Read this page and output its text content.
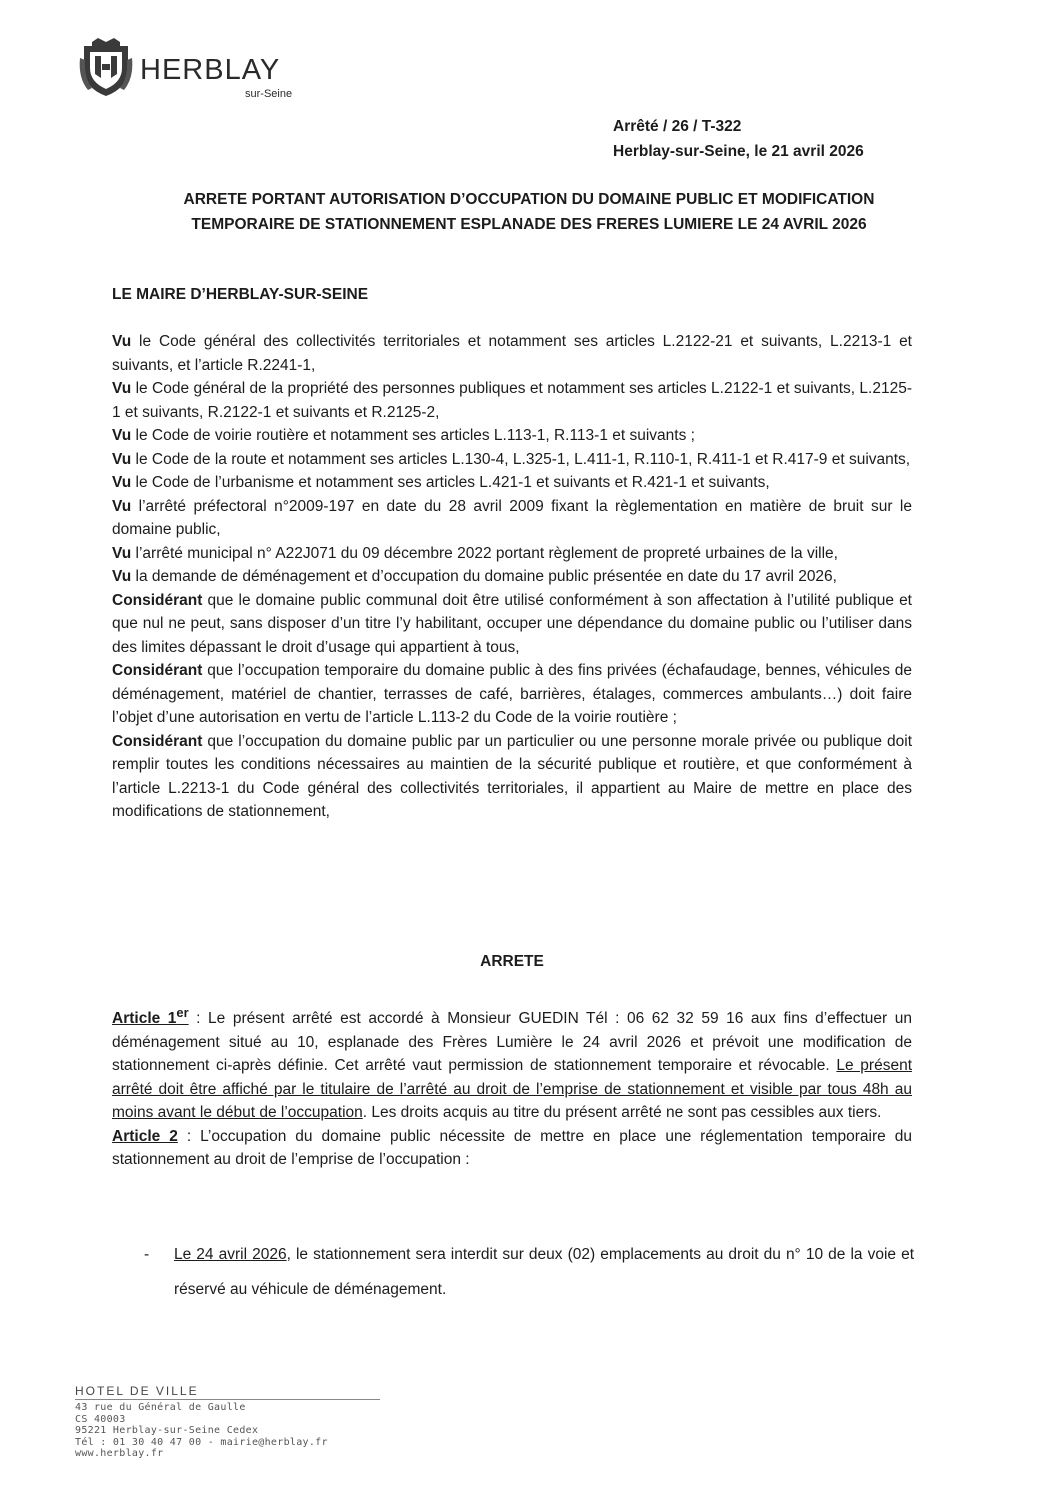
HERBLAY
sur-Seine
Arrêté / 26 / T-322
Herblay-sur-Seine, le 21 avril 2026
ARRETE PORTANT AUTORISATION D’OCCUPATION DU DOMAINE PUBLIC ET MODIFICATION
TEMPORAIRE DE STATIONNEMENT ESPLANADE DES FRERES LUMIERE LE 24 AVRIL 2026
LE MAIRE D’HERBLAY-SUR-SEINE

Vu le Code général des collectivités territoriales et notamment ses articles L.2122-21 et suivants, L.2213-1 et suivants, et l’article R.2241-1,

Vu le Code général de la propriété des personnes publiques et notamment ses articles L.2122-1 et suivants, L.2125-1 et suivants, R.2122-1 et suivants et R.2125-2,

Vu le Code de voirie routière et notamment ses articles L.113-1, R.113-1 et suivants ;

Vu le Code de la route et notamment ses articles L.130-4, L.325-1, L.411-1, R.110-1, R.411-1 et R.417-9 et suivants,

Vu le Code de l’urbanisme et notamment ses articles L.421-1 et suivants et R.421-1 et suivants,

Vu l’arrêté préfectoral n°2009-197 en date du 28 avril 2009 fixant la règlementation en matière de bruit sur le domaine public,

Vu l’arrêté municipal n° A22J071 du 09 décembre 2022 portant règlement de propreté urbaines de la ville,

Vu la demande de déménagement et d’occupation du domaine public présentée en date du 17 avril 2026,

Considérant que le domaine public communal doit être utilisé conformément à son affectation à l’utilité publique et que nul ne peut, sans disposer d’un titre l’y habilitant, occuper une dépendance du domaine public ou l’utiliser dans des limites dépassant le droit d’usage qui appartient à tous,

Considérant que l’occupation temporaire du domaine public à des fins privées (échafaudage, bennes, véhicules de déménagement, matériel de chantier, terrasses de café, barrières, étalages, commerces ambulants…) doit faire l’objet d’une autorisation en vertu de l’article L.113-2 du Code de la voirie routière ;

Considérant que l’occupation du domaine public par un particulier ou une personne morale privée ou publique doit remplir toutes les conditions nécessaires au maintien de la sécurité publique et routière, et que conformément à l’article L.2213-1 du Code général des collectivités territoriales, il appartient au Maire de mettre en place des modifications de stationnement,

ARRETE

Article 1er : Le présent arrêté est accordé à Monsieur GUEDIN Tél : 06 62 32 59 16 aux fins d’effectuer un déménagement situé au 10, esplanade des Frères Lumière le 24 avril 2026 et prévoit une modification de stationnement ci-après définie. Cet arrêté vaut permission de stationnement temporaire et révocable. Le présent arrêté doit être affiché par le titulaire de l’arrêté au droit de l’emprise de stationnement et visible par tous 48h au moins avant le début de l’occupation. Les droits acquis au titre du présent arrêté ne sont pas cessibles aux tiers.

Article 2 : L’occupation du domaine public nécessite de mettre en place une réglementation temporaire du stationnement au droit de l’emprise de l’occupation :

- Le 24 avril 2026, le stationnement sera interdit sur deux (02) emplacements au droit du n° 10 de la voie et réservé au véhicule de déménagement.
HOTEL DE VILLE
43 rue du Général de Gaulle
CS 40003
95221 Herblay-sur-Seine Cedex
Tél : 01 30 40 47 00 - mairie@herblay.fr
www.herblay.fr
